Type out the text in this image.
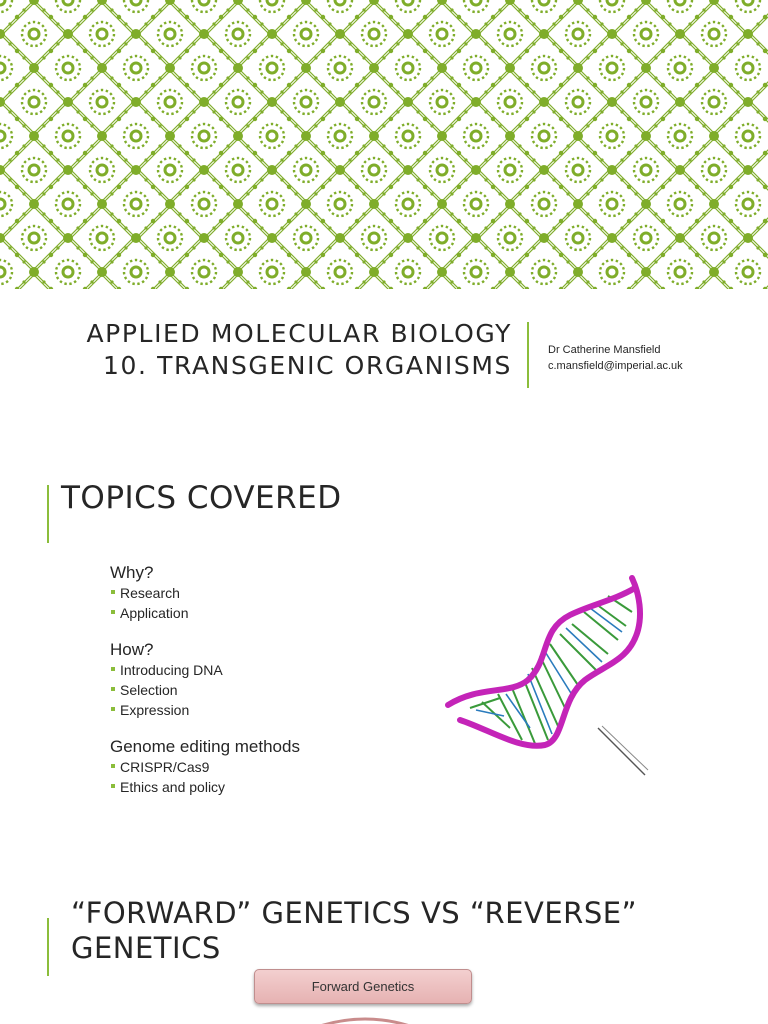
APPLIED MOLECULAR BIOLOGY
10. TRANSGENIC ORGANISMS
Dr Catherine Mansfield
c.mansfield@imperial.ac.uk
TOPICS COVERED
Why?
Research
Application
How?
Introducing DNA
Selection
Expression
Genome editing methods
CRISPR/Cas9
Ethics and policy
“FORWARD” GENETICS VS “REVERSE”
GENETICS
Forward Genetics
